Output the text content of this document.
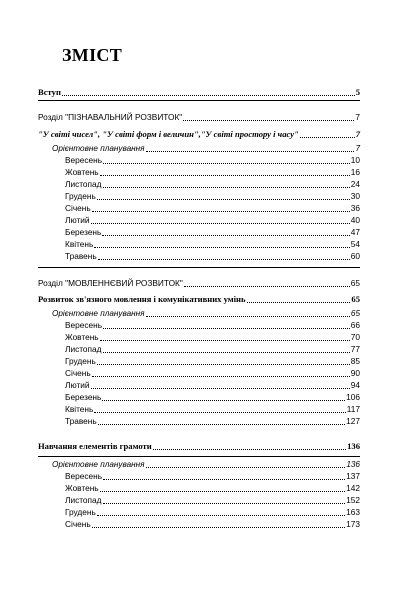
ЗМІСТ
Вступ	5
Розділ "ПІЗНАВАЛЬНИЙ РОЗВИТОК"	7
"У світі чисел", "У світі форм і величин","У світі простору і часу"	7
Орієнтовне планування	7
Вересень	10
Жовтень	16
Листопад	24
Грудень	30
Січень	36
Лютий	40
Березень	47
Квітень	54
Травень	60
Розділ "МОВЛЕННЄВИЙ РОЗВИТОК"	65
Розвиток зв'язного мовлення і комунікативних умінь	65
Орієнтовне планування	65
Вересень	66
Жовтень	70
Листопад	77
Грудень	85
Січень	90
Лютий	94
Березень	106
Квітень	117
Травень	127
Навчання елементів грамоти	136
Орієнтовне планування	136
Вересень	137
Жовтень	142
Листопад	152
Грудень	163
Січень	173
